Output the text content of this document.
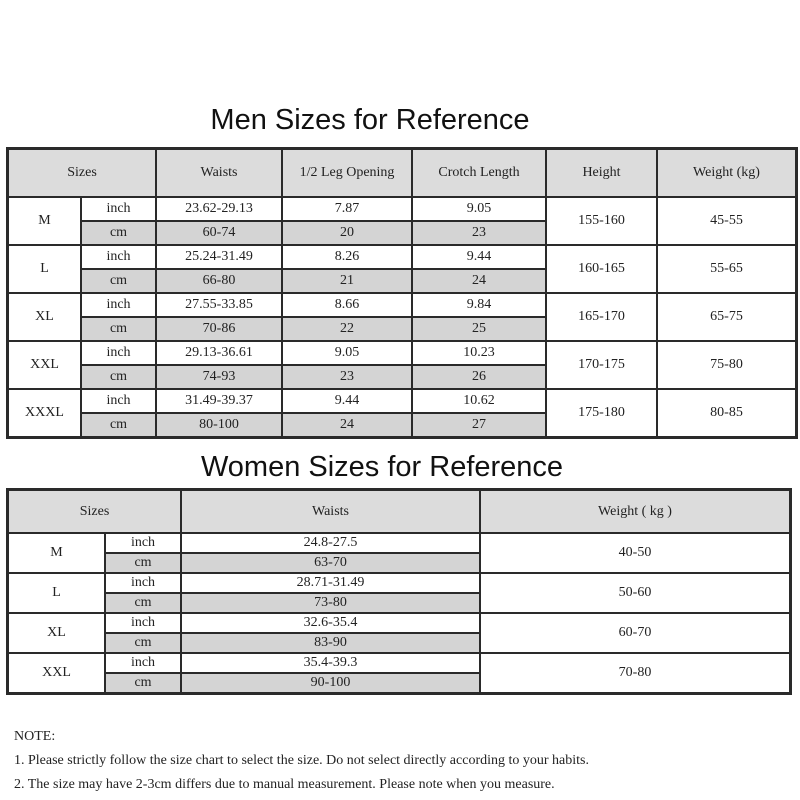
Men Sizes for Reference
Sizes		Waists	1/2 Leg Opening	Crotch Length	Height	Weight (kg)
M	inch	23.62-29.13	7.87	9.05	155-160	45-55
	cm	60-74	20	23		
L	inch	25.24-31.49	8.26	9.44	160-165	55-65
	cm	66-80	21	24		
XL	inch	27.55-33.85	8.66	9.84	165-170	65-75
	cm	70-86	22	25		
XXL	inch	29.13-36.61	9.05	10.23	170-175	75-80
	cm	74-93	23	26		
XXXL	inch	31.49-39.37	9.44	10.62	175-180	80-85
	cm	80-100	24	27		
Women Sizes for Reference
Sizes		Waists	Weight ( kg )
M	inch	24.8-27.5	40-50
	cm	63-70	
L	inch	28.71-31.49	50-60
	cm	73-80	
XL	inch	32.6-35.4	60-70
	cm	83-90	
XXL	inch	35.4-39.3	70-80
	cm	90-100	
NOTE:
1. Please strictly follow the size chart to select the size. Do not select directly according to your habits.
2. The size may have 2-3cm differs due to manual measurement. Please note when you measure.
